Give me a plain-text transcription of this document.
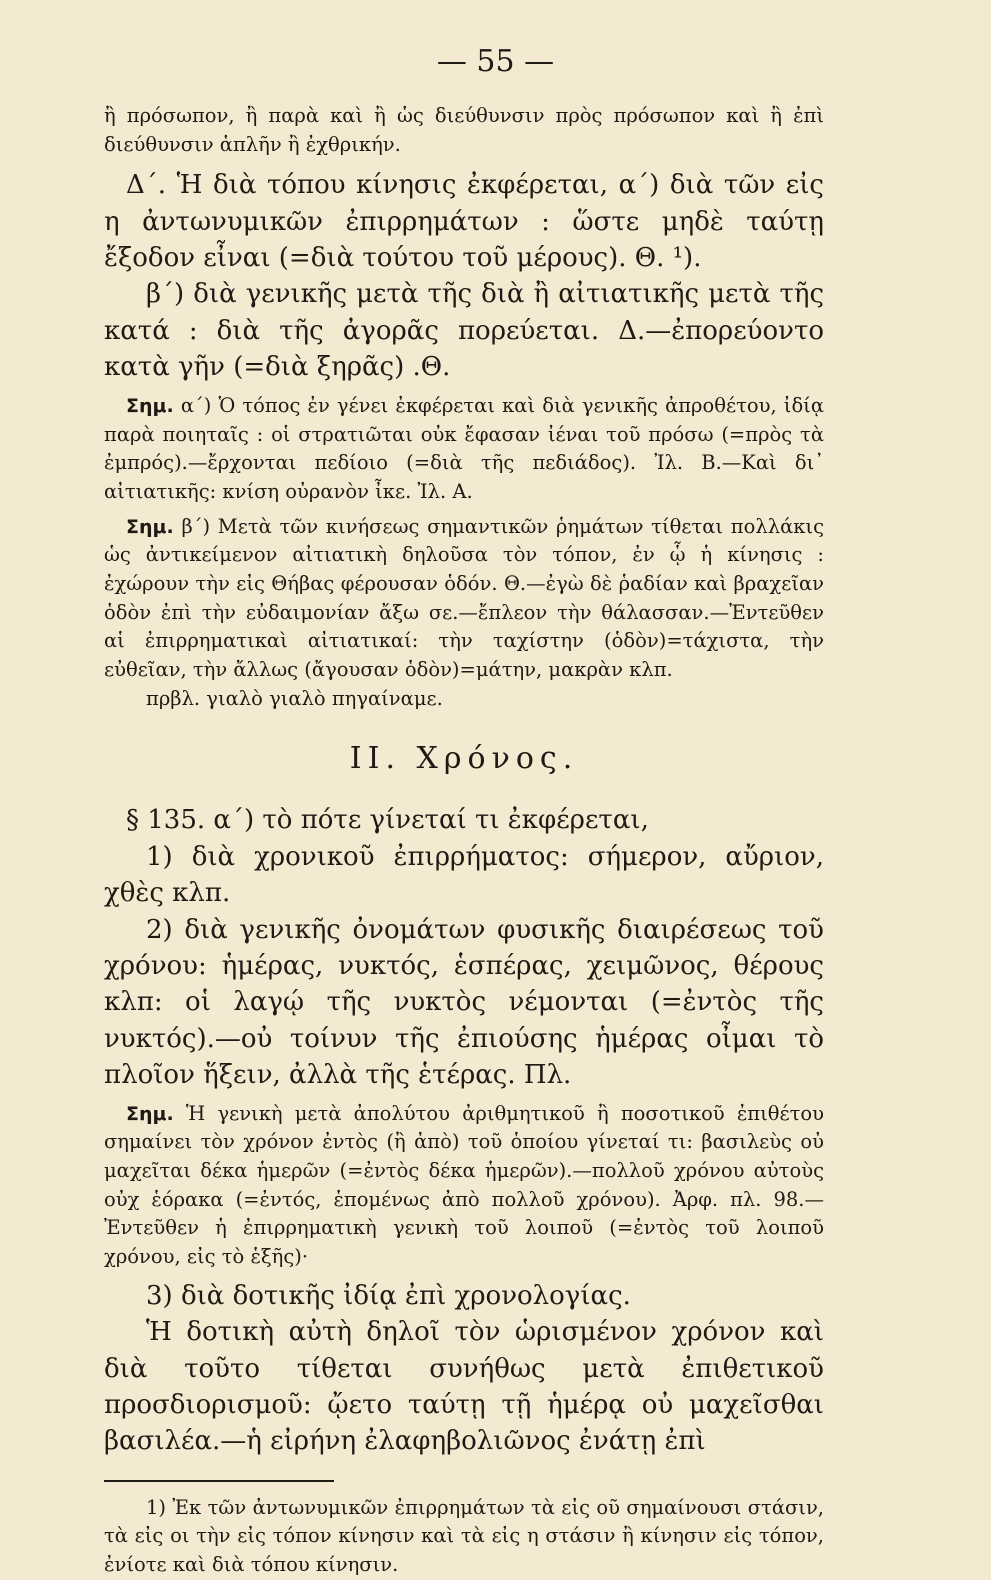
— 55 —

ἢ πρόσωπον, ἢ παρὰ καὶ ἢ ὡς διεύθυνσιν πρὸς πρόσωπον καὶ ἢ ἐπὶ διεύθυνσιν ἁπλῆν ἢ ἐχθρικήν.

Δ΄. Ἡ διὰ τόπου κίνησις ἐκφέρεται, α΄) διὰ τῶν εἰς η ἀντωνυμικῶν ἐπιρρημάτων : ὥστε μηδὲ ταύτῃ ἔξοδον εἶναι (=διὰ τούτου τοῦ μέρους). Θ. ¹).

β΄) διὰ γενικῆς μετὰ τῆς διὰ ἢ αἰτιατικῆς μετὰ τῆς κατά : διὰ τῆς ἀγορᾶς πορεύεται. Δ.—ἐπορεύοντο κατὰ γῆν (=διὰ ξηρᾶς) .Θ.

Σημ. α΄) Ὁ τόπος ἐν γένει ἐκφέρεται καὶ διὰ γενικῆς ἀπροθέτου, ἰδίᾳ παρὰ ποιηταῖς : οἱ στρατιῶται οὐκ ἔφασαν ἰέναι τοῦ πρόσω (=πρὸς τὰ ἐμπρός).—ἔρχονται πεδίοιο (=διὰ τῆς πεδιάδος). Ἰλ. Β.—Καὶ δι᾽ αἰτιατικῆς: κνίση οὐρανὸν ἶκε. Ἰλ. Α.

Σημ. β΄) Μετὰ τῶν κινήσεως σημαντικῶν ῥημάτων τίθεται πολλάκις ὡς ἀντικείμενον αἰτιατικὴ δηλοῦσα τὸν τόπον, ἐν ᾧ ἡ κίνησις : ἐχώρουν τὴν εἰς Θήβας φέρουσαν ὁδόν. Θ.—ἐγὼ δὲ ῥαδίαν καὶ βραχεῖαν ὁδὸν ἐπὶ τὴν εὐδαιμονίαν ἄξω σε.—ἔπλεον τὴν θάλασσαν.—Ἐντεῦθεν αἱ ἐπιρρηματικαὶ αἰτιατικαί: τὴν ταχίστην (ὁδὸν)=τάχιστα, τὴν εὐθεῖαν, τὴν ἄλλως (ἄγουσαν ὁδὸν)=μάτην, μακρὰν κλπ.

πρβλ. γιαλὸ γιαλὸ πηγαίναμε.

II. Χρόνος.

§ 135. α΄) τὸ πότε γίνεταί τι ἐκφέρεται,

1) διὰ χρονικοῦ ἐπιρρήματος: σήμερον, αὔριον, χθὲς κλπ.

2) διὰ γενικῆς ὀνομάτων φυσικῆς διαιρέσεως τοῦ χρόνου: ἡμέρας, νυκτός, ἑσπέρας, χειμῶνος, θέρους κλπ: οἱ λαγῴ τῆς νυκτὸς νέμονται (=ἐντὸς τῆς νυκτός).—οὐ τοίνυν τῆς ἐπιούσης ἡμέρας οἶμαι τὸ πλοῖον ἥξειν, ἀλλὰ τῆς ἑτέρας. Πλ.

Σημ. Ἡ γενικὴ μετὰ ἀπολύτου ἀριθμητικοῦ ἢ ποσοτικοῦ ἐπιθέτου σημαίνει τὸν χρόνον ἐντὸς (ἢ ἀπὸ) τοῦ ὁποίου γίνεταί τι: βασιλεὺς οὐ μαχεῖται δέκα ἡμερῶν (=ἐντὸς δέκα ἡμερῶν).—πολλοῦ χρόνου αὐτοὺς οὐχ ἑόρακα (=ἐντός, ἑπομένως ἀπὸ πολλοῦ χρόνου). Ἀρφ. πλ. 98.—Ἐντεῦθεν ἡ ἐπιρρηματικὴ γενικὴ τοῦ λοιποῦ (=ἐντὸς τοῦ λοιποῦ χρόνου, εἰς τὸ ἑξῆς)·

3) διὰ δοτικῆς ἰδίᾳ ἐπὶ χρονολογίας.

Ἡ δοτικὴ αὐτὴ δηλοῖ τὸν ὡρισμένον χρόνον καὶ διὰ τοῦτο τίθεται συνήθως μετὰ ἐπιθετικοῦ προσδιορισμοῦ: ᾤετο ταύτῃ τῇ ἡμέρᾳ οὐ μαχεῖσθαι βασιλέα.—ἡ εἰρήνη ἐλαφηβολιῶνος ἐνάτῃ ἐπὶ

1) Ἐκ τῶν ἀντωνυμικῶν ἐπιρρημάτων τὰ εἰς οῦ σημαίνουσι στάσιν, τὰ εἰς οι τὴν εἰς τόπον κίνησιν καὶ τὰ εἰς η στάσιν ἢ κίνησιν εἰς τόπον, ἐνίοτε καὶ διὰ τόπου κίνησιν.
